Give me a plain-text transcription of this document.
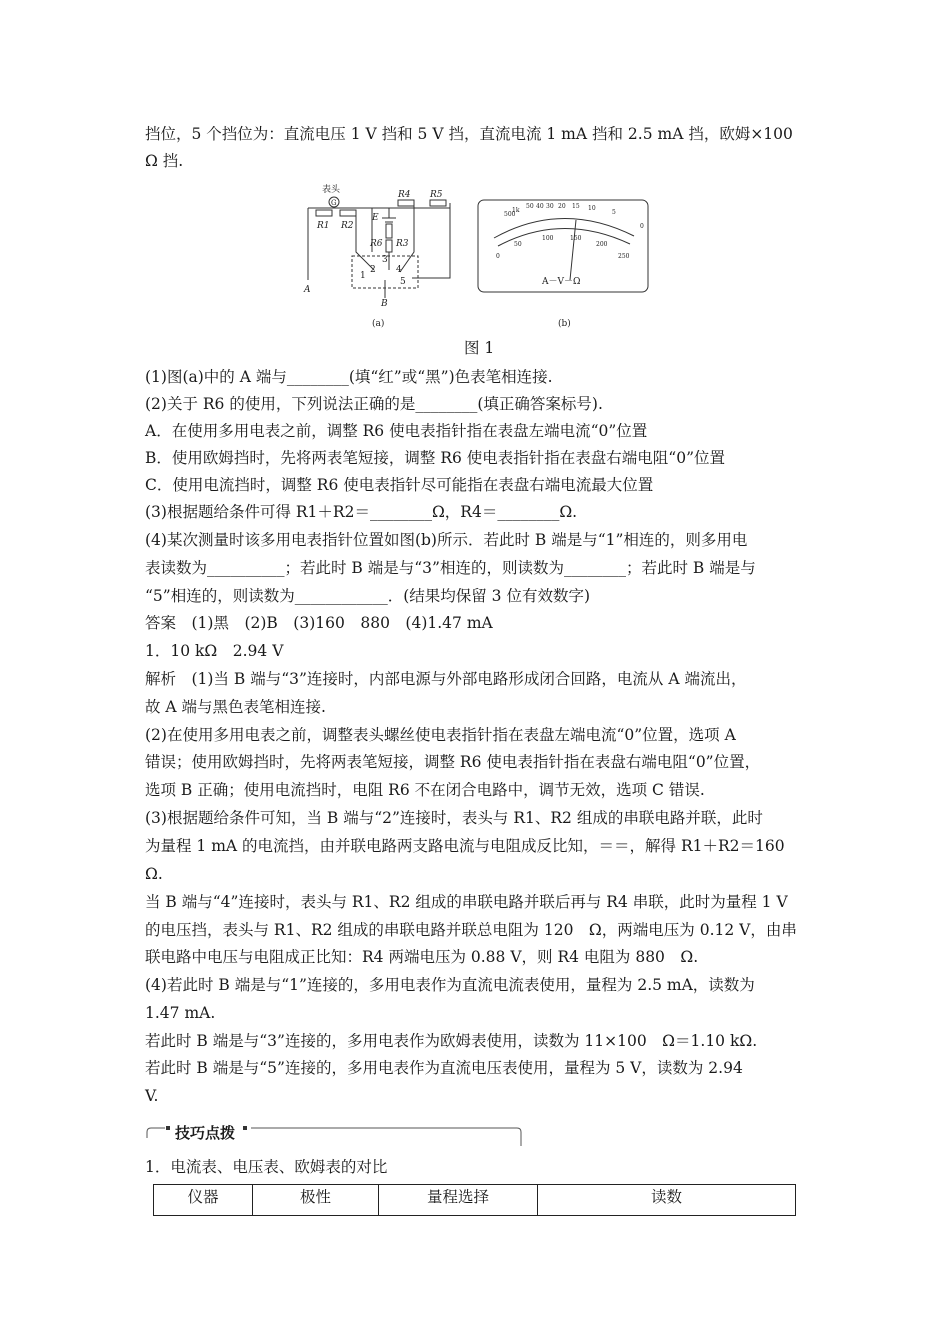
挡位，5 个挡位为：直流电压 1 V 挡和 5 V 挡，直流电流 1 mA 挡和 2.5 mA 挡，欧姆×100
Ω 挡.
表头
G
R1 R2
R3
R4 R5
R6
E
A
B
1
2
3
4
5	A－V－Ω
(a)	(b)
500
1k
50 40 30 20 15 10
5
0
0
50
100	150
200
250
图 1
(1)图(a)中的 A 端与________(填“红”或“黑”)色表笔相连接.
(2)关于 R6 的使用，下列说法正确的是________(填正确答案标号).
A．在使用多用电表之前，调整 R6 使电表指针指在表盘左端电流“0”位置
B．使用欧姆挡时，先将两表笔短接，调整 R6 使电表指针指在表盘右端电阻“0”位置
C．使用电流挡时，调整 R6 使电表指针尽可能指在表盘右端电流最大位置
(3)根据题给条件可得 R1＋R2＝________Ω，R4＝________Ω.
(4)某次测量时该多用电表指针位置如图(b)所示．若此时 B 端是与“1”相连的，则多用电
表读数为__________；若此时 B 端是与“3”相连的，则读数为________；若此时 B 端是与
“5”相连的，则读数为____________．(结果均保留 3 位有效数字)
答案　(1)黑　(2)B　(3)160　880　(4)1.47 mA
1．10 kΩ　2.94 V
解析　(1)当 B 端与“3”连接时，内部电源与外部电路形成闭合回路，电流从 A 端流出，
故 A 端与黑色表笔相连接.
(2)在使用多用电表之前，调整表头螺丝使电表指针指在表盘左端电流“0”位置，选项 A
错误；使用欧姆挡时，先将两表笔短接，调整 R6 使电表指针指在表盘右端电阻“0”位置，
选项 B 正确；使用电流挡时，电阻 R6 不在闭合电路中，调节无效，选项 C 错误.
(3)根据题给条件可知，当 B 端与“2”连接时，表头与 R1、R2 组成的串联电路并联，此时
为量程 1 mA 的电流挡，由并联电路两支路电流与电阻成反比知，＝＝，解得 R1＋R2＝160
Ω.
当 B 端与“4”连接时，表头与 R1、R2 组成的串联电路并联后再与 R4 串联，此时为量程 1 V
的电压挡，表头与 R1、R2 组成的串联电路并联总电阻为 120　Ω，两端电压为 0.12 V，由串
联电路中电压与电阻成正比知：R4 两端电压为 0.88 V，则 R4 电阻为 880　Ω.
(4)若此时 B 端是与“1”连接的，多用电表作为直流电流表使用，量程为 2.5 mA，读数为
1.47 mA.
若此时 B 端是与“3”连接的，多用电表作为欧姆表使用，读数为 11×100　Ω＝1.10 kΩ.
若此时 B 端是与“5”连接的，多用电表作为直流电压表使用，量程为 5 V，读数为 2.94
V.
技巧点拨
1．电流表、电压表、欧姆表的对比
仪器	极性	量程选择	读数
